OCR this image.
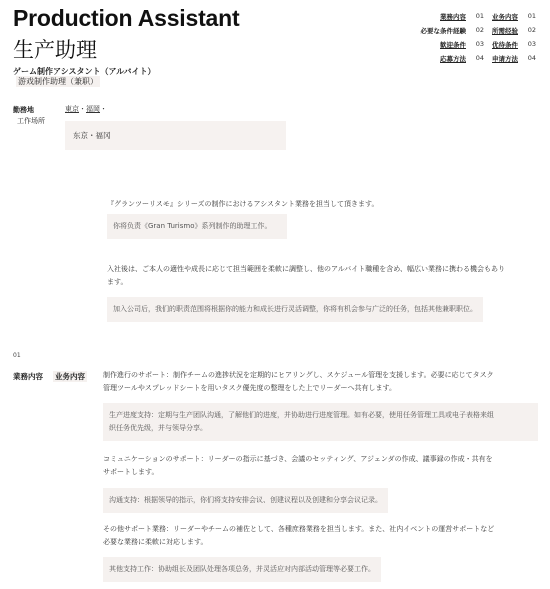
Production Assistant
生产助理
ゲーム制作アシスタント（アルバイト）
游戏制作助理（兼职）
業務内容 01 业务内容 01
必要な条件経験 02 所需经验 02
歓迎条件 03 优待条件 03
応募方法 04 申请方法 04
勤務地
工作场所
東京・福岡・
东京・福冈
『グランツーリスモ』シリーズの制作におけるアシスタント業務を担当して頂きます。
你将负责《Gran Turismo》系列制作的助理工作。
入社後は、ご本人の適性や成長に応じて担当範囲を柔軟に調整し、他のアルバイト職種を含め、幅広い業務に携わる機会もあり
ます。
加入公司后，我们的职责范围将根据你的能力和成长进行灵活调整，你将有机会参与广泛的任务，包括其他兼职职位。
01
業務内容 业务内容	制作進行のサポート：制作チームの進捗状況を定期的にヒアリングし、スケジュール管理を支援します。必要に応じてタスク
管理ツールやスプレッドシートを用いタスク優先度の整理をした上でリーダーへ共有します。
生产进度支持：定期与生产团队沟通，了解他们的进度，并协助进行进度管理。如有必要，使用任务管理工具或电子表格来组
织任务优先级，并与领导分享。
コミュニケーションのサポート：リーダーの指示に基づき、会議のセッティング、アジェンダの作成、議事録の作成・共有を
サポートします。
沟通支持：根据领导的指示，你们将支持安排会议、创建议程以及创建和分享会议记录。
その他サポート業務：リーダーやチームの補佐として、各種庶務業務を担当します。また、社内イベントの運営サポートなど
必要な業務に柔軟に対応します。
其他支持工作：协助组长及团队处理各项总务，并灵活应对内部活动管理等必要工作。
